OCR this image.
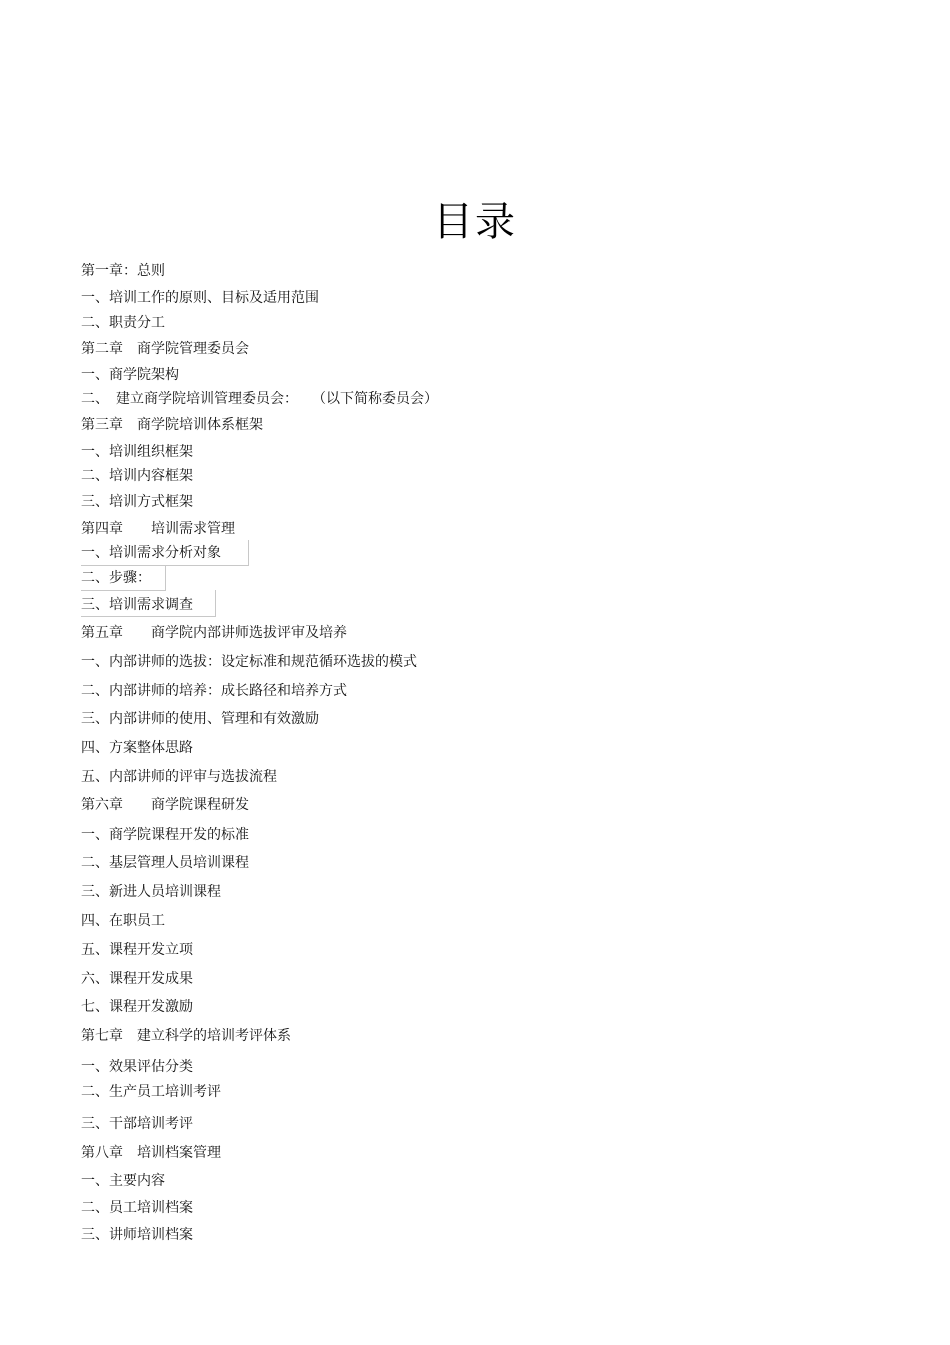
目录
第一章：总则
一、培训工作的原则、目标及适用范围
二、职责分工
第二章　商学院管理委员会
一、商学院架构
二、　建立商学院培训管理委员会：　　（以下简称委员会）
第三章　商学院培训体系框架
一、培训组织框架
二、培训内容框架
三、培训方式框架
第四章　　培训需求管理
一、培训需求分析对象
二、步骤：
三、培训需求调查
第五章　　商学院内部讲师选拔评审及培养
一、内部讲师的选拔：设定标准和规范循环选拔的模式
二、内部讲师的培养：成长路径和培养方式
三、内部讲师的使用、管理和有效激励
四、方案整体思路
五、内部讲师的评审与选拔流程
第六章　　商学院课程研发
一、商学院课程开发的标准
二、基层管理人员培训课程
三、新进人员培训课程
四、在职员工
五、课程开发立项
六、课程开发成果
七、课程开发激励
第七章　建立科学的培训考评体系
一、效果评估分类
二、生产员工培训考评
三、干部培训考评
第八章　培训档案管理
一、主要内容
二、员工培训档案
三、讲师培训档案
